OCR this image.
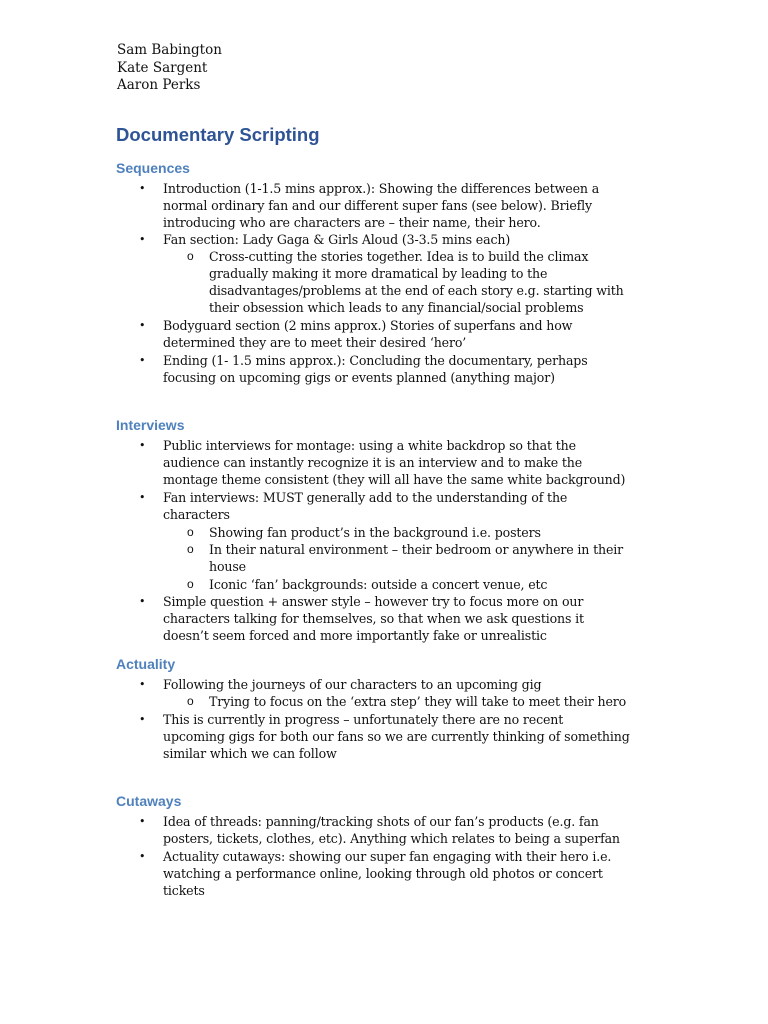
Sam Babington
Kate Sargent
Aaron Perks
Documentary Scripting
Sequences
• Introduction (1-1.5 mins approx.): Showing the differences between a
normal ordinary fan and our different super fans (see below). Briefly
introducing who are characters are – their name, their hero.
• Fan section: Lady Gaga & Girls Aloud (3-3.5 mins each)
o Cross-cutting the stories together. Idea is to build the climax
gradually making it more dramatical by leading to the
disadvantages/problems at the end of each story e.g. starting with
their obsession which leads to any financial/social problems
• Bodyguard section (2 mins approx.) Stories of superfans and how
determined they are to meet their desired ‘hero’
• Ending (1- 1.5 mins approx.): Concluding the documentary, perhaps
focusing on upcoming gigs or events planned (anything major)
Interviews
• Public interviews for montage: using a white backdrop so that the
audience can instantly recognize it is an interview and to make the
montage theme consistent (they will all have the same white background)
• Fan interviews: MUST generally add to the understanding of the
characters
o Showing fan product’s in the background i.e. posters
o In their natural environment – their bedroom or anywhere in their
house
o Iconic ‘fan’ backgrounds: outside a concert venue, etc
• Simple question + answer style – however try to focus more on our
characters talking for themselves, so that when we ask questions it
doesn’t seem forced and more importantly fake or unrealistic
Actuality
• Following the journeys of our characters to an upcoming gig
o Trying to focus on the ‘extra step’ they will take to meet their hero
• This is currently in progress – unfortunately there are no recent
upcoming gigs for both our fans so we are currently thinking of something
similar which we can follow
Cutaways
• Idea of threads: panning/tracking shots of our fan’s products (e.g. fan
posters, tickets, clothes, etc). Anything which relates to being a superfan
• Actuality cutaways: showing our super fan engaging with their hero i.e.
watching a performance online, looking through old photos or concert
tickets
